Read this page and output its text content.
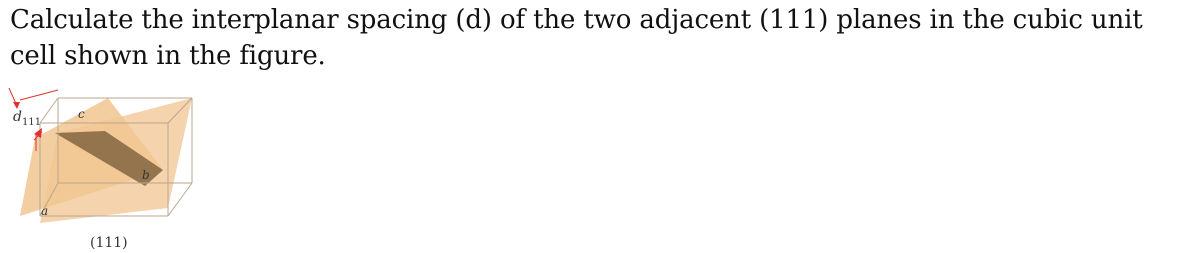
Calculate the interplanar spacing (d) of the two adjacent (111) planes in the cubic unit cell shown in the figure.

$d_{111}$
a
b
c
(111)
